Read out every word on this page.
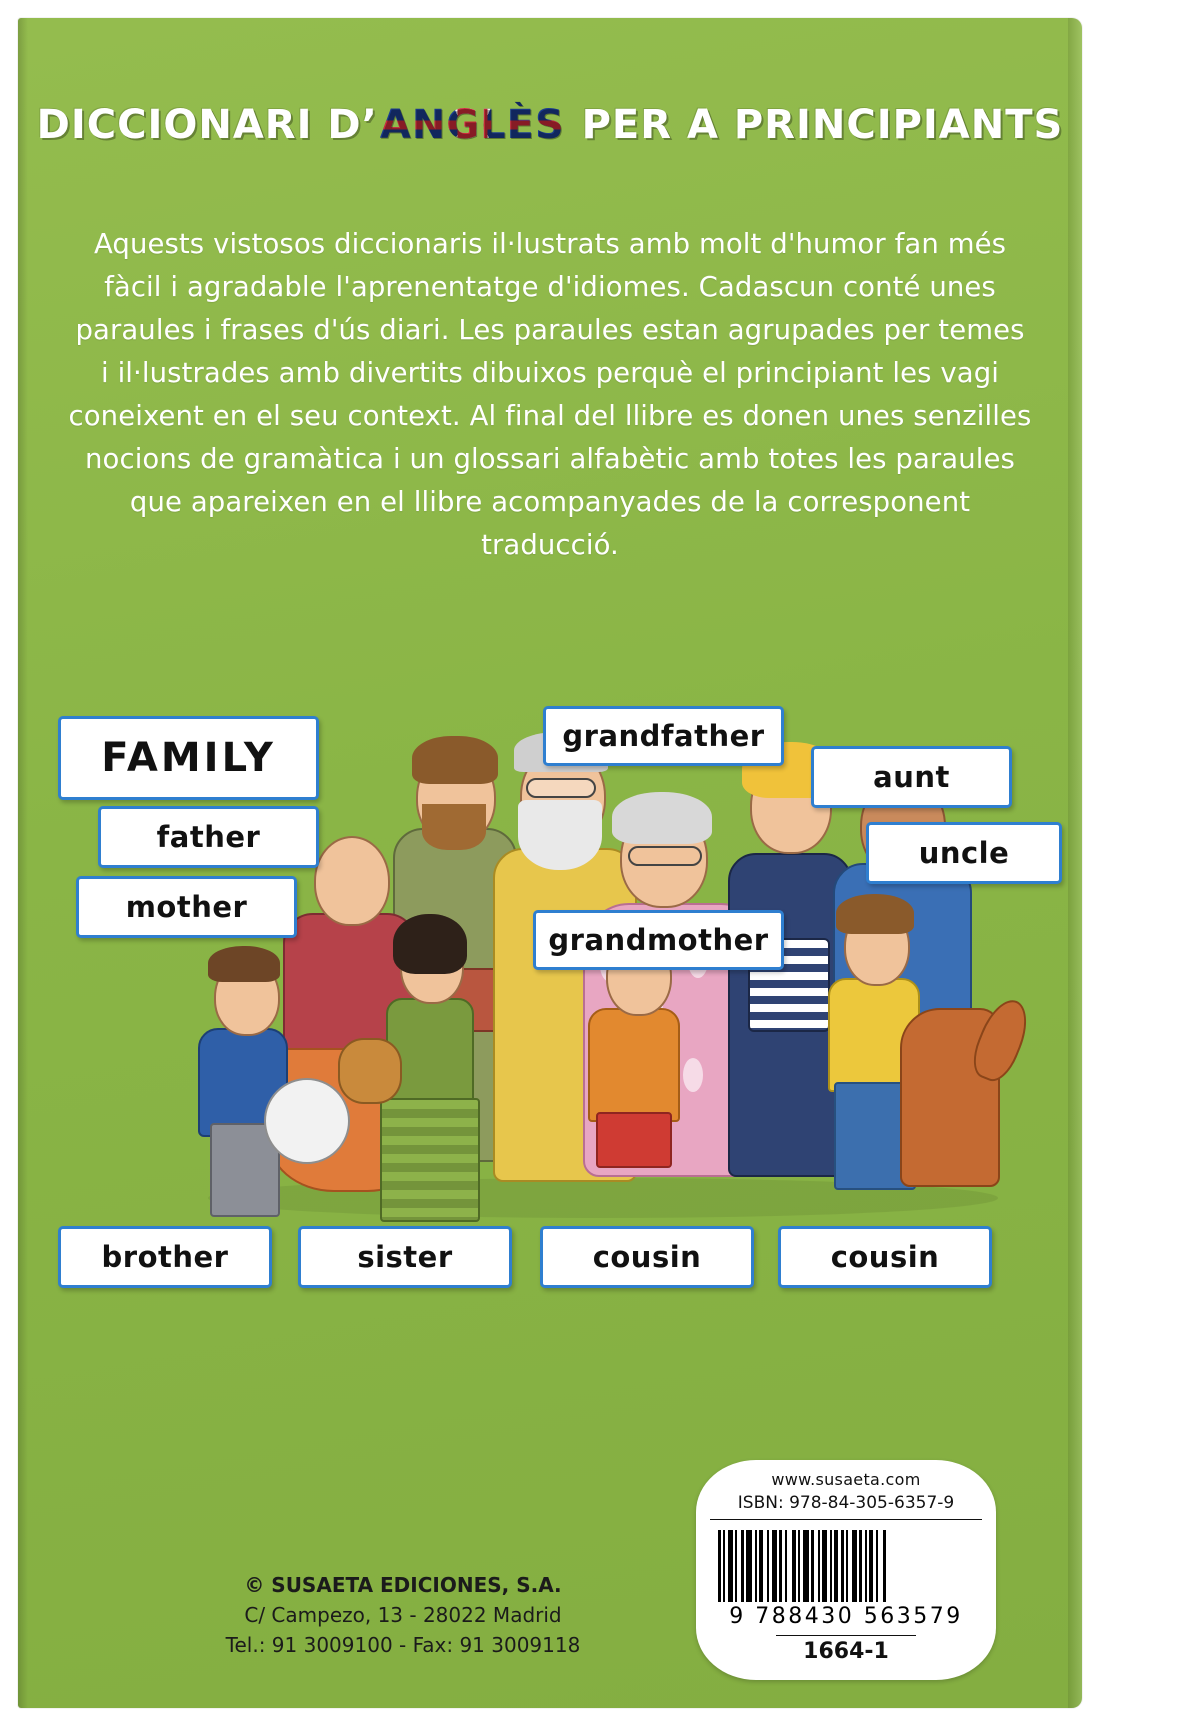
DICCIONARI D’ANGLÈS PER A PRINCIPIANTS
Aquests vistosos diccionaris il·lustrats amb molt d'humor fan més fàcil i agradable l'aprenentatge d'idiomes. Cadascun conté unes paraules i frases d'ús diari. Les paraules estan agrupades per temes i il·lustrades amb divertits dibuixos perquè el principiant les vagi coneixent en el seu context. Al final del llibre es donen unes senzilles nocions de gramàtica i un glossari alfabètic amb totes les paraules que apareixen en el llibre acompanyades de la corresponent traducció.
FAMILY
father
mother
grandfather
aunt
uncle
grandmother
brother	sister	cousin	cousin
© SUSAETA EDICIONES, S.A.
C/ Campezo, 13 - 28022 Madrid
Tel.: 91 3009100 - Fax: 91 3009118
www.susaeta.com
ISBN: 978-84-305-6357-9
9 788430 563579
1664-1
